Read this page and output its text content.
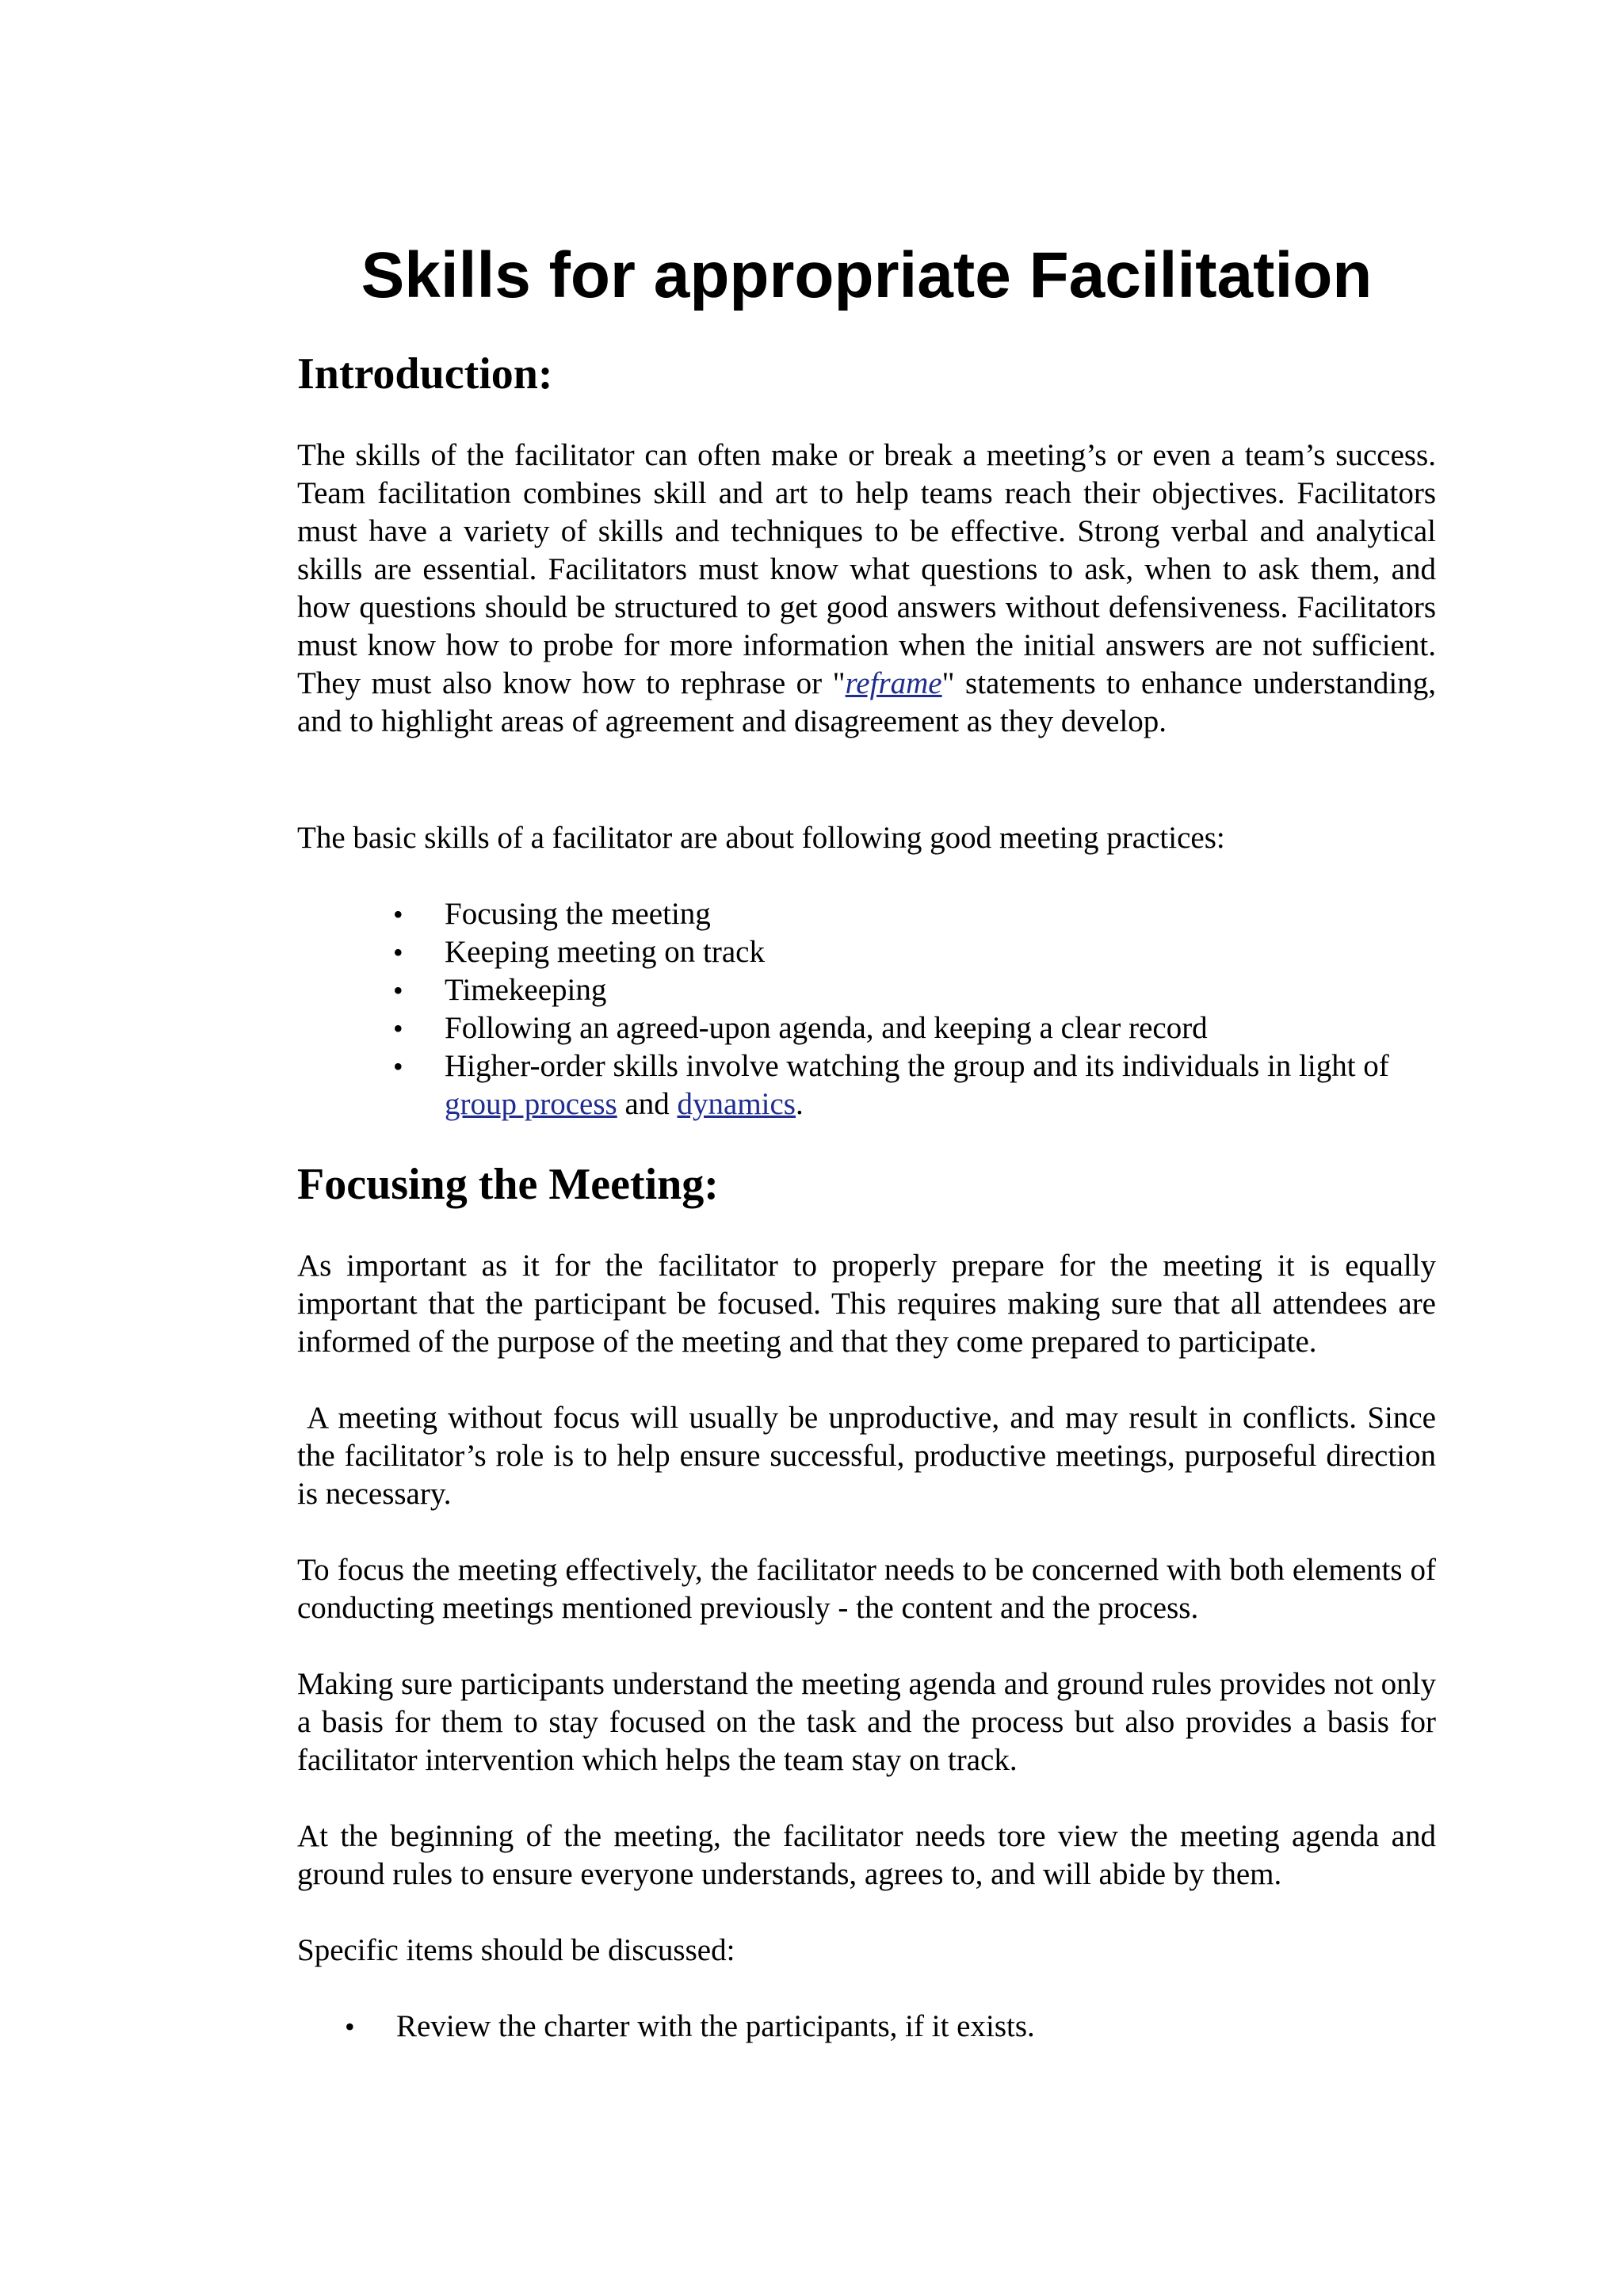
Skills for appropriate Facilitation
Introduction:

The skills of the facilitator can often make or break a meeting’s or even a team’s success. Team facilitation combines skill and art to help teams reach their objectives. Facilitators must have a variety of skills and techniques to be effective. Strong verbal and analytical skills are essential. Facilitators must know what questions to ask, when to ask them, and how questions should be structured to get good answers without defensiveness. Facilitators must know how to probe for more information when the initial answers are not sufficient. They must also know how to rephrase or "reframe" statements to enhance understanding, and to highlight areas of agreement and disagreement as they develop.

The basic skills of a facilitator are about following good meeting practices:

• Focusing the meeting
• Keeping meeting on track
• Timekeeping
• Following an agreed-upon agenda, and keeping a clear record
• Higher-order skills involve watching the group and its individuals in light of group process and dynamics.
Focusing the Meeting:

As important as it for the facilitator to properly prepare for the meeting it is equally important that the participant be focused. This requires making sure that all attendees are informed of the purpose of the meeting and that they come prepared to participate.

A meeting without focus will usually be unproductive, and may result in conflicts. Since the facilitator’s role is to help ensure successful, productive meetings, purposeful direction is necessary.

To focus the meeting effectively, the facilitator needs to be concerned with both elements of conducting meetings mentioned previously - the content and the process.

Making sure participants understand the meeting agenda and ground rules provides not only a basis for them to stay focused on the task and the process but also provides a basis for facilitator intervention which helps the team stay on track.

At the beginning of the meeting, the facilitator needs tore view the meeting agenda and ground rules to ensure everyone understands, agrees to, and will abide by them.

Specific items should be discussed:

• Review the charter with the participants, if it exists.
